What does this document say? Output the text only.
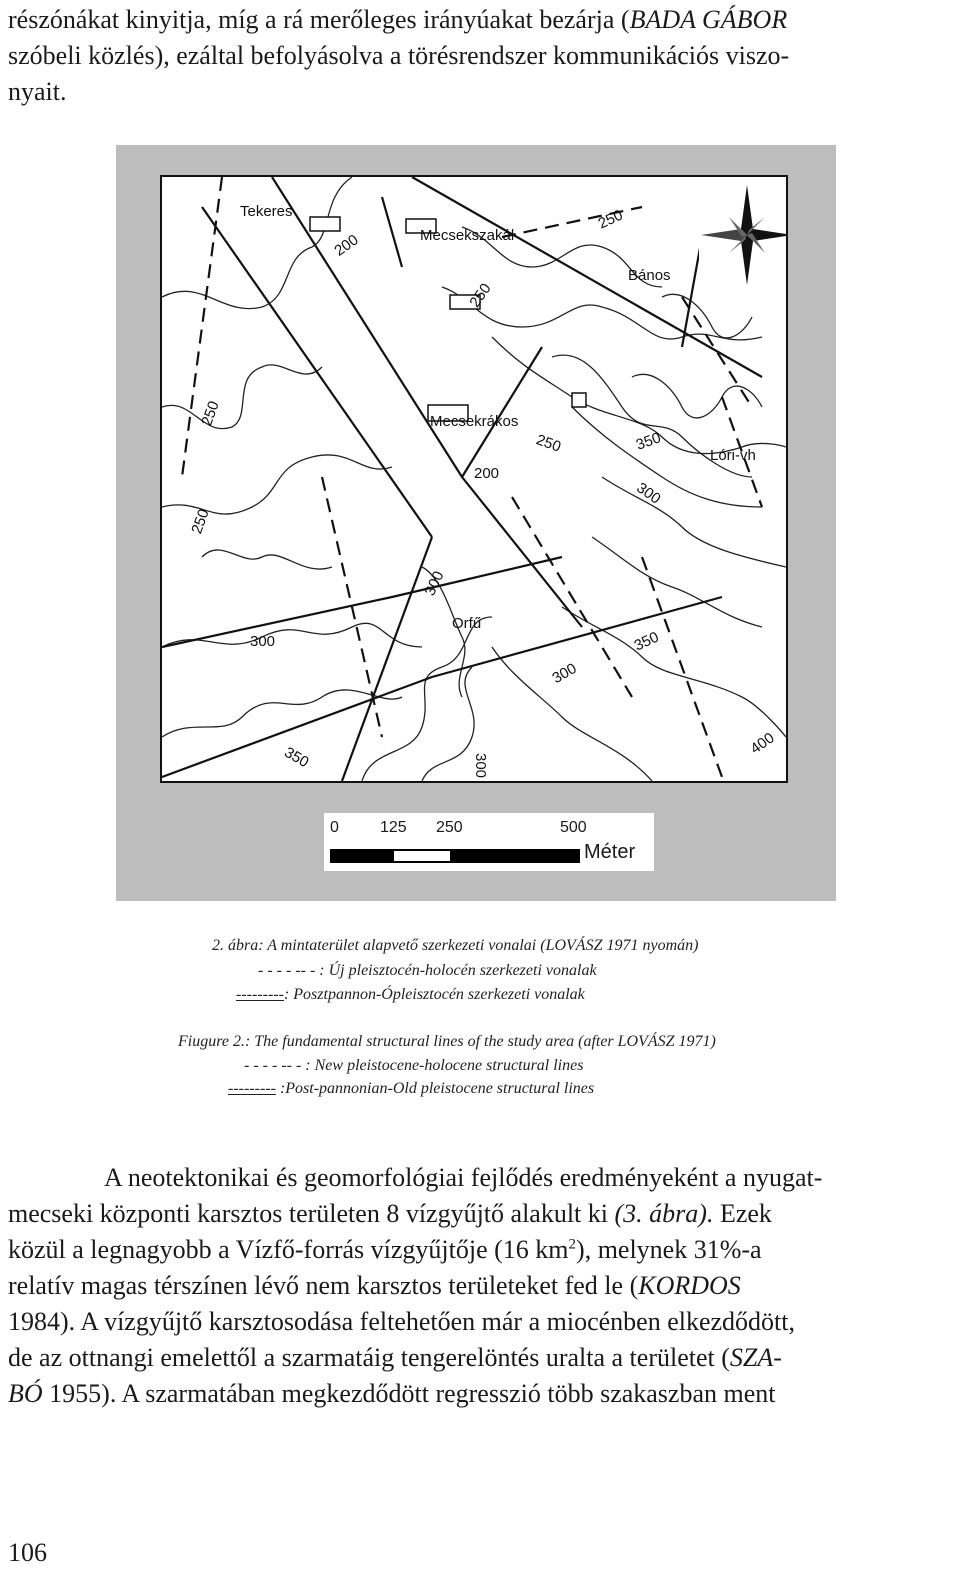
részónákat kinyitja, míg a rá merőleges irányúakat bezárja (BADA GÁBOR
szóbeli közlés), ezáltal befolyásolva a törésrendszer kommunikációs viszo-
nyait.

Tekeres
Mecsekszakál
Bános
Mecsekrákos
Lóri-vh
Orfű
250
200
250
250
250	350
200
300
250
300
300	350
300
400
350	300
0	125 250	500
Méter
2. ábra: A mintaterület alapvető szerkezeti vonalai (LOVÁSZ 1971 nyomán)
- - - - -- - : Új pleisztocén-holocén szerkezeti vonalak
---------: Posztpannon-Ópleisztocén szerkezeti vonalak
Fiugure 2.: The fundamental structural lines of the study area (after LOVÁSZ 1971)
- - - - -- - : New pleistocene-holocene structural lines
--------- :Post-pannonian-Old pleistocene structural lines

A neotektonikai és geomorfológiai fejlődés eredményeként a nyugat-
mecseki központi karsztos területen 8 vízgyűjtő alakult ki (3. ábra). Ezek
közül a legnagyobb a Vízfő-forrás vízgyűjtője (16 $km^2$), melynek 31%-a
relatív magas térszínen lévő nem karsztos területeket fed le (KORDOS
1984). A vízgyűjtő karsztosodása feltehetően már a miocénben elkezdődött,
de az ottnangi emelettől a szarmatáig tengerelöntés uralta a területet (SZA-
BÓ 1955). A szarmatában megkezdődött regresszió több szakaszban ment

106
